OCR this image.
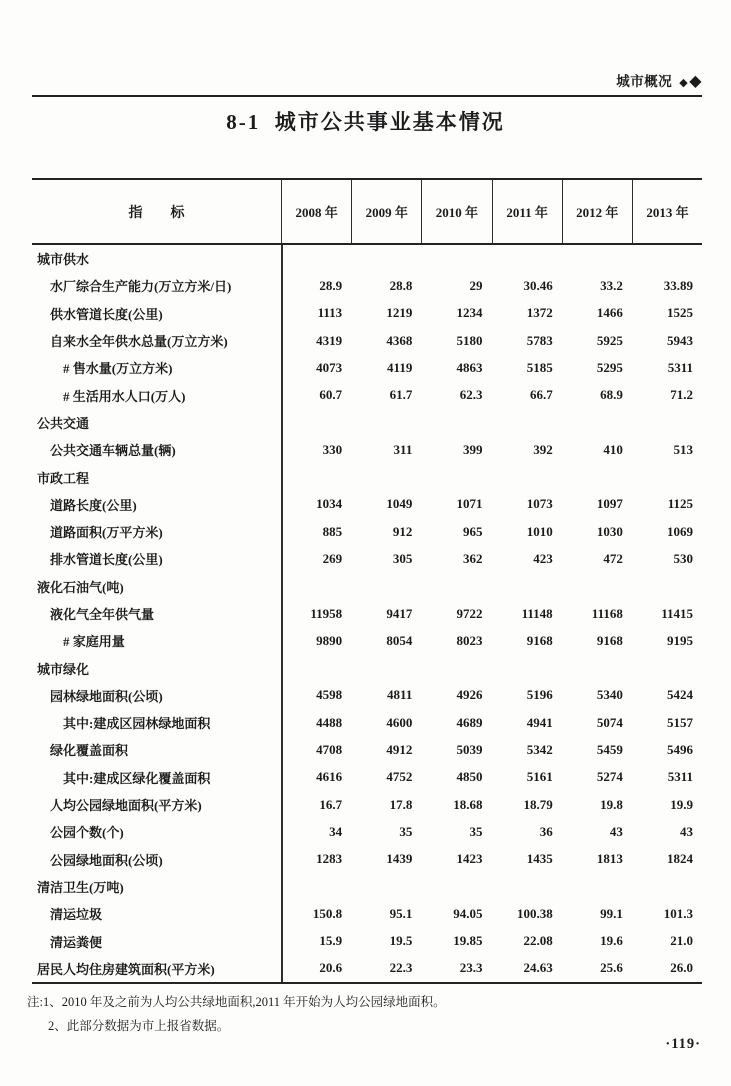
城市概况 ◆◆
8-1  城市公共事业基本情况
指　　标	2008 年	2009 年	2010 年	2011 年	2012 年	2013 年
城市供水
水厂综合生产能力(万立方米/日)	28.9	28.8	29	30.46	33.2	33.89
供水管道长度(公里)	1113	1219	1234	1372	1466	1525
自来水全年供水总量(万立方米)	4319	4368	5180	5783	5925	5943
# 售水量(万立方米)	4073	4119	4863	5185	5295	5311
# 生活用水人口(万人)	60.7	61.7	62.3	66.7	68.9	71.2
公共交通
公共交通车辆总量(辆)	330	311	399	392	410	513
市政工程
道路长度(公里)	1034	1049	1071	1073	1097	1125
道路面积(万平方米)	885	912	965	1010	1030	1069
排水管道长度(公里)	269	305	362	423	472	530
液化石油气(吨)
液化气全年供气量	11958	9417	9722	11148	11168	11415
# 家庭用量	9890	8054	8023	9168	9168	9195
城市绿化
园林绿地面积(公顷)	4598	4811	4926	5196	5340	5424
其中:建成区园林绿地面积	4488	4600	4689	4941	5074	5157
绿化覆盖面积	4708	4912	5039	5342	5459	5496
其中:建成区绿化覆盖面积	4616	4752	4850	5161	5274	5311
人均公园绿地面积(平方米)	16.7	17.8	18.68	18.79	19.8	19.9
公园个数(个)	34	35	35	36	43	43
公园绿地面积(公顷)	1283	1439	1423	1435	1813	1824
清洁卫生(万吨)
清运垃圾	150.8	95.1	94.05	100.38	99.1	101.3
清运粪便	15.9	19.5	19.85	22.08	19.6	21.0
居民人均住房建筑面积(平方米)	20.6	22.3	23.3	24.63	25.6	26.0
注:1、2010 年及之前为人均公共绿地面积,2011 年开始为人均公园绿地面积。
2、此部分数据为市上报省数据。
·119·
